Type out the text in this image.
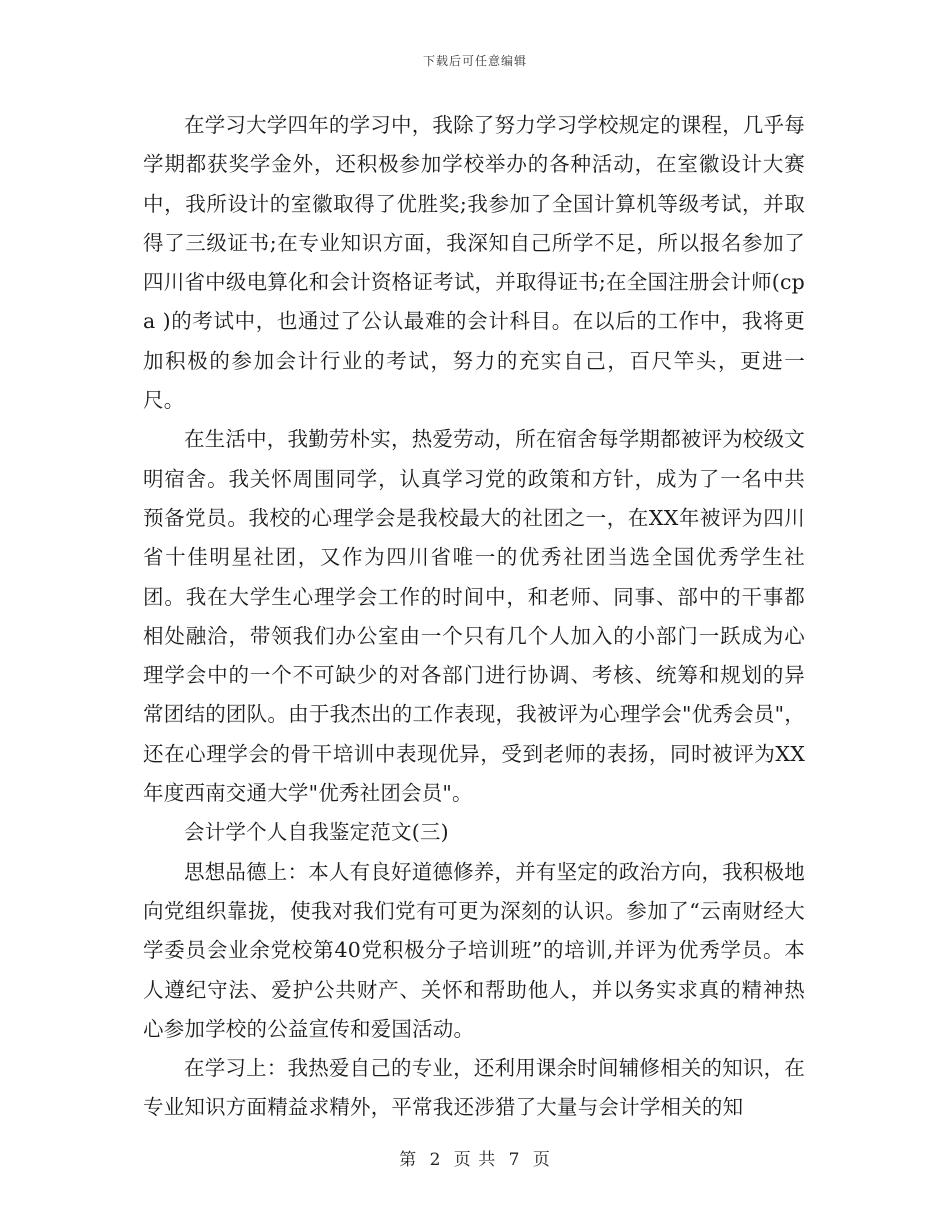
下载后可任意编辑

在学习大学四年的学习中，我除了努力学习学校规定的课程，几乎每学期都获奖学金外，还积极参加学校举办的各种活动，在室徽设计大赛中，我所设计的室徽取得了优胜奖;我参加了全国计算机等级考试，并取得了三级证书;在专业知识方面，我深知自己所学不足，所以报名参加了四川省中级电算化和会计资格证考试，并取得证书;在全国注册会计师(cpa )的考试中，也通过了公认最难的会计科目。在以后的工作中，我将更加积极的参加会计行业的考试，努力的充实自己，百尺竿头，更进一尺。

在生活中，我勤劳朴实，热爱劳动，所在宿舍每学期都被评为校级文明宿舍。我关怀周围同学，认真学习党的政策和方针，成为了一名中共预备党员。我校的心理学会是我校最大的社团之一，在XX年被评为四川省十佳明星社团，又作为四川省唯一的优秀社团当选全国优秀学生社团。我在大学生心理学会工作的时间中，和老师、同事、部中的干事都相处融洽，带领我们办公室由一个只有几个人加入的小部门一跃成为心理学会中的一个不可缺少的对各部门进行协调、考核、统筹和规划的异常团结的团队。由于我杰出的工作表现，我被评为心理学会"优秀会员"，还在心理学会的骨干培训中表现优异，受到老师的表扬，同时被评为XX年度西南交通大学"优秀社团会员"。

会计学个人自我鉴定范文(三)

思想品德上：本人有良好道德修养，并有坚定的政治方向，我积极地向党组织靠拢，使我对我们党有可更为深刻的认识。参加了“云南财经大学委员会业余党校第40党积极分子培训班”的培训,并评为优秀学员。本人遵纪守法、爱护公共财产、关怀和帮助他人，并以务实求真的精神热心参加学校的公益宣传和爱国活动。

在学习上：我热爱自己的专业，还利用课余时间辅修相关的知识，在专业知识方面精益求精外，平常我还涉猎了大量与会计学相关的知

第 2 页 共 7 页
